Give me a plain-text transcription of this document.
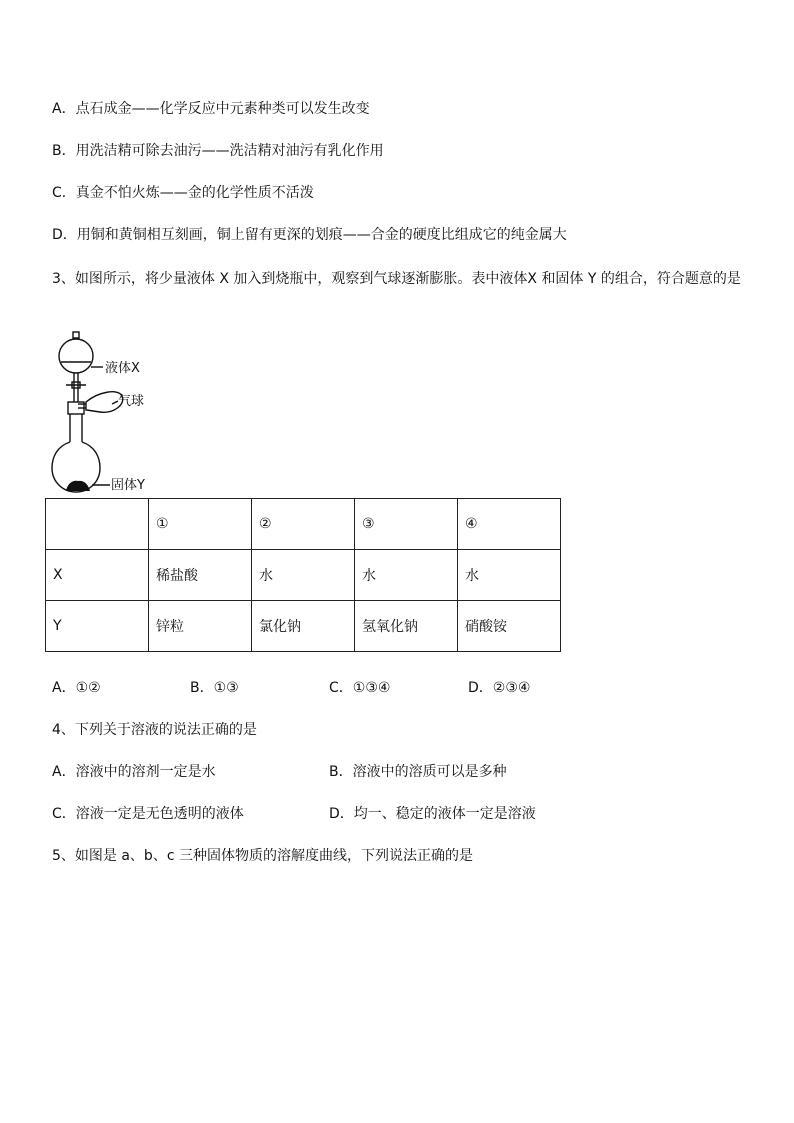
A．点石成金——化学反应中元素种类可以发生改变
B．用洗洁精可除去油污——洗洁精对油污有乳化作用
C．真金不怕火炼——金的化学性质不活泼
D．用铜和黄铜相互刻画，铜上留有更深的划痕——合金的硬度比组成它的纯金属大
3、如图所示，将少量液体 X 加入到烧瓶中，观察到气球逐渐膨胀。表中液体X 和固体 Y 的组合，符合题意的是
液体X
气球
固体Y
	①	②	③	④
X	稀盐酸	水	水	水
Y	锌粒	氯化钠	氢氧化钠	硝酸铵
A．①②	B．①③	C．①③④	D．②③④
4、下列关于溶液的说法正确的是
A．溶液中的溶剂一定是水	B．溶液中的溶质可以是多种
C．溶液一定是无色透明的液体	D．均一、稳定的液体一定是溶液
5、如图是 a、b、c 三种固体物质的溶解度曲线，下列说法正确的是
